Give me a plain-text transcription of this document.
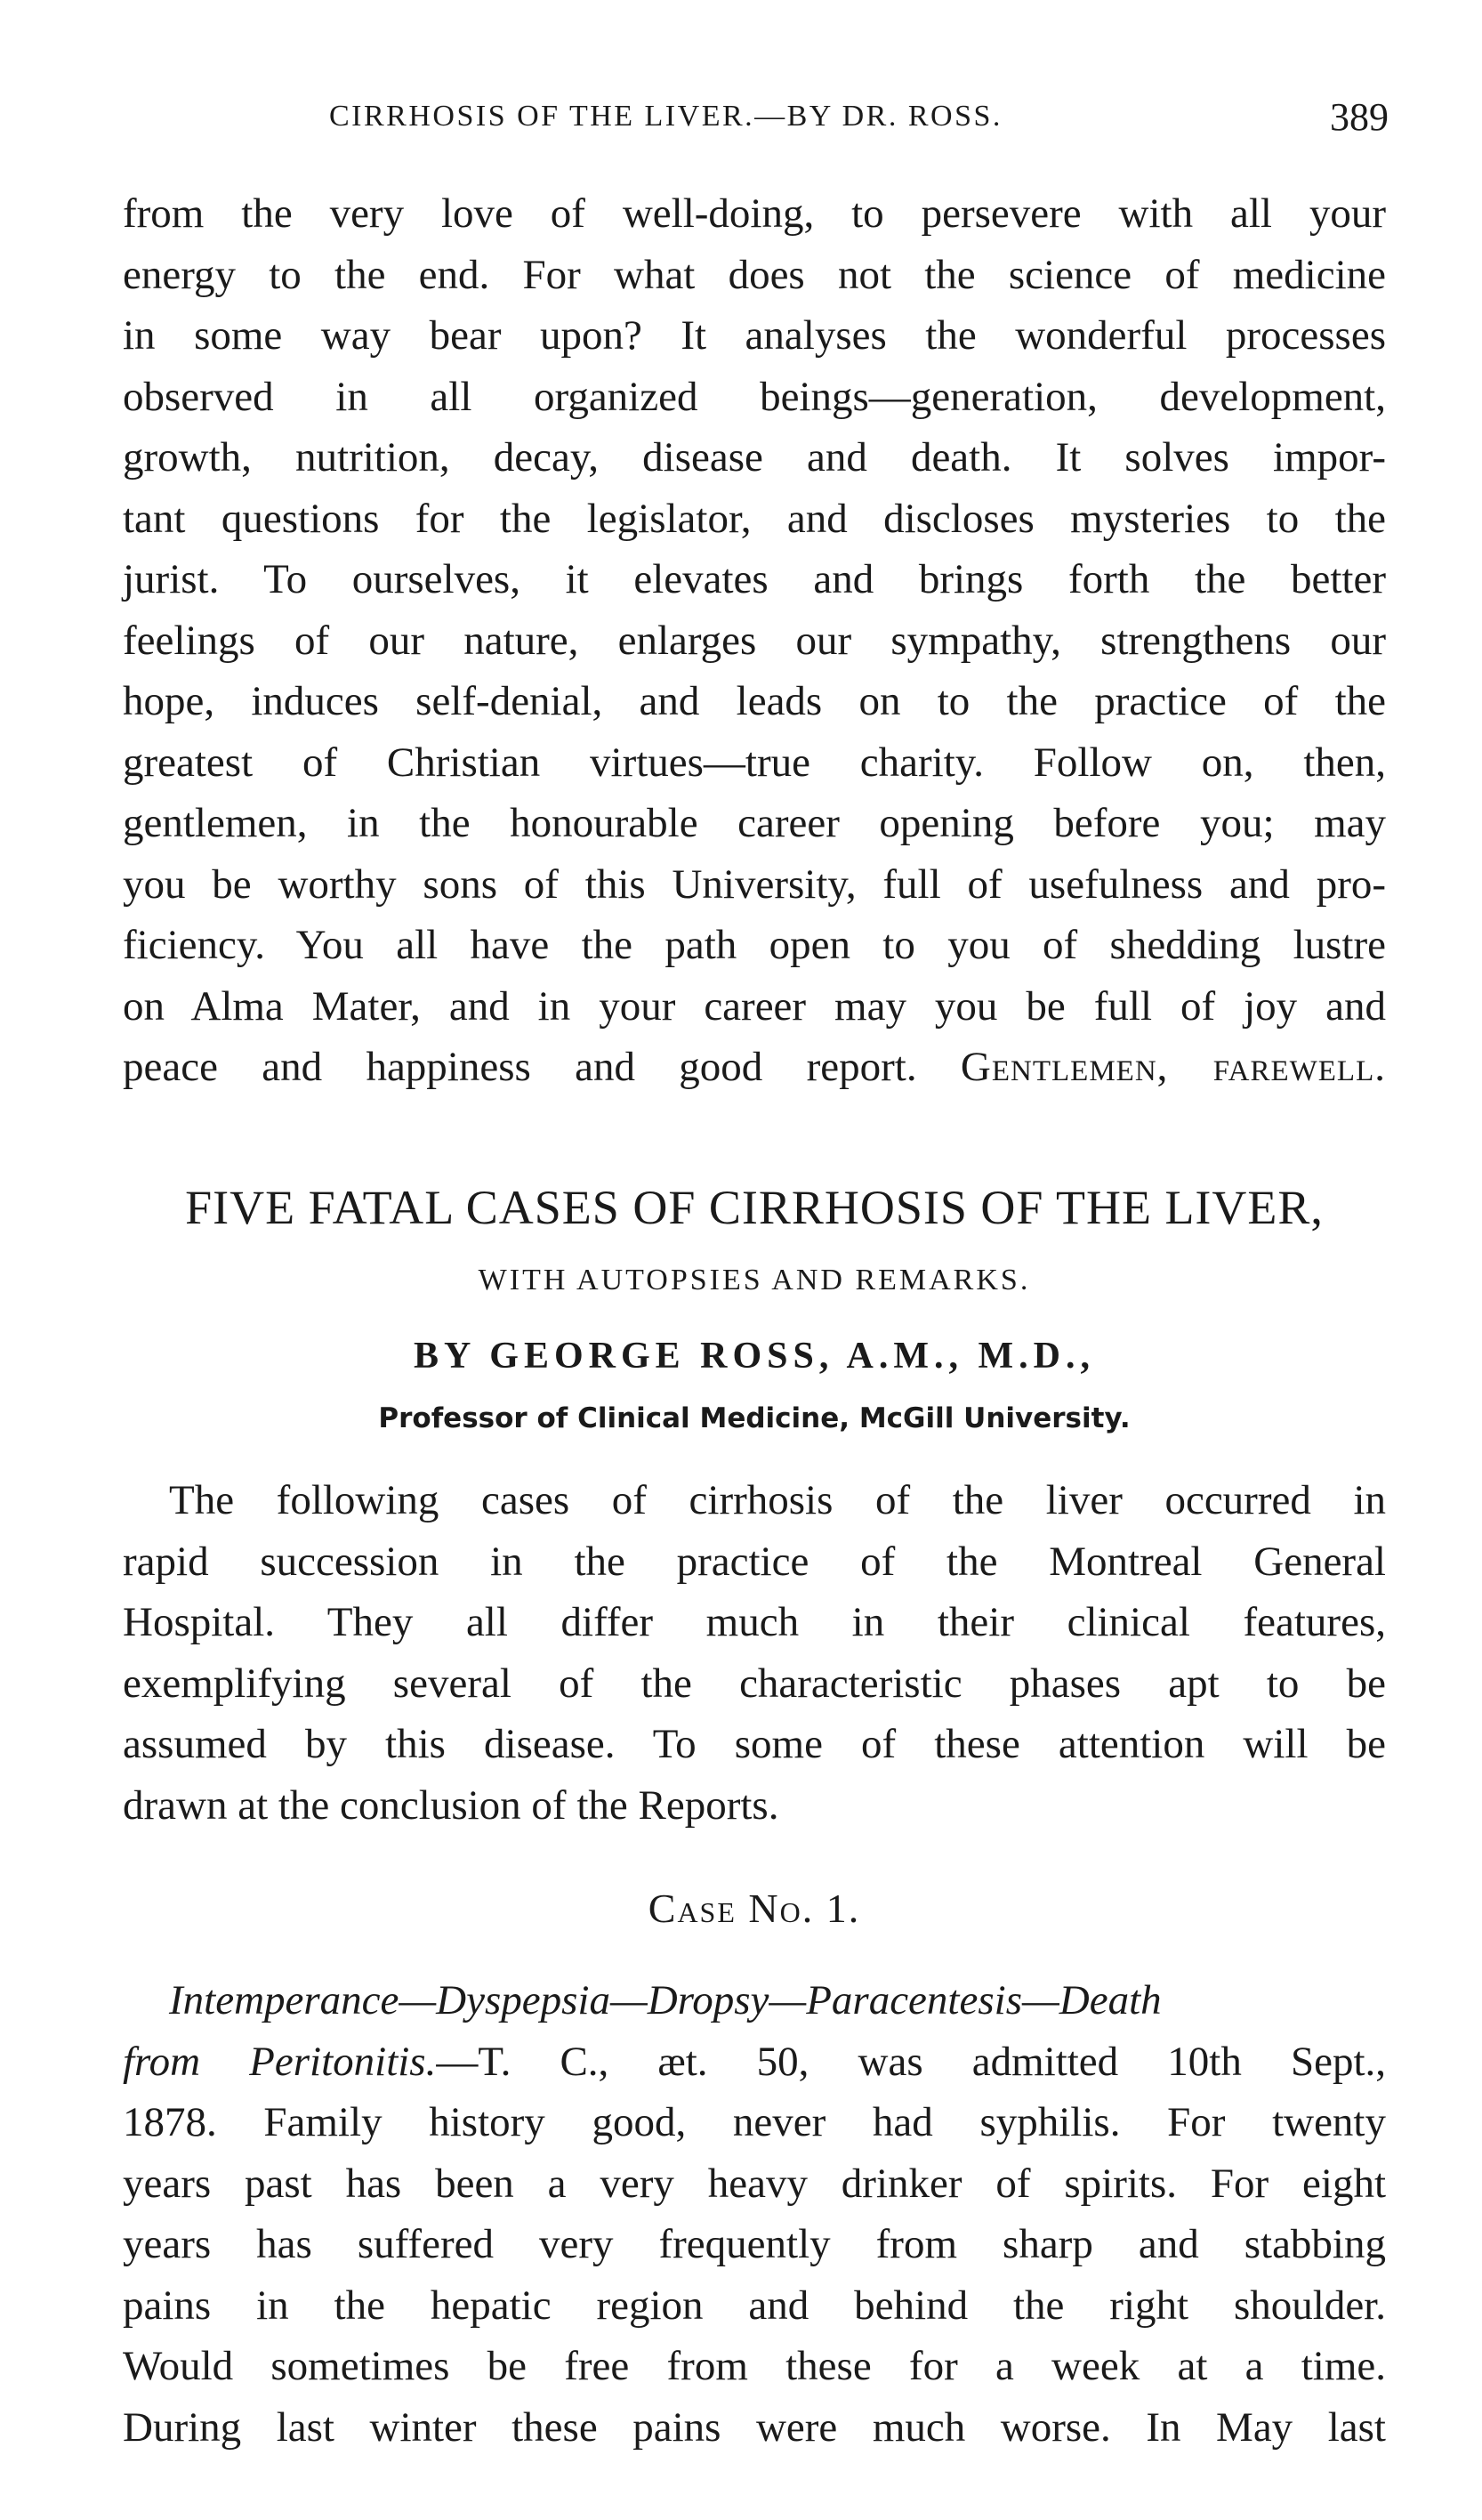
CIRRHOSIS OF THE LIVER.—BY DR. ROSS.	389
from the very love of well-doing, to persevere with all your
energy to the end. For what does not the science of medicine
in some way bear upon? It analyses the wonderful processes
observed in all organized beings—generation, development,
growth, nutrition, decay, disease and death. It solves impor-
tant questions for the legislator, and discloses mysteries to the
jurist. To ourselves, it elevates and brings forth the better
feelings of our nature, enlarges our sympathy, strengthens our
hope, induces self-denial, and leads on to the practice of the
greatest of Christian virtues—true charity. Follow on, then,
gentlemen, in the honourable career opening before you; may
you be worthy sons of this University, full of usefulness and pro-
ficiency. You all have the path open to you of shedding lustre
on Alma Mater, and in your career may you be full of joy and
peace and happiness and good report. Gentlemen, farewell.
FIVE FATAL CASES OF CIRRHOSIS OF THE LIVER,
WITH AUTOPSIES AND REMARKS.
BY GEORGE ROSS, A.M., M.D.,
Professor of Clinical Medicine, McGill University.
The following cases of cirrhosis of the liver occurred in
rapid succession in the practice of the Montreal General
Hospital. They all differ much in their clinical features,
exemplifying several of the characteristic phases apt to be
assumed by this disease. To some of these attention will be
drawn at the conclusion of the Reports.
Case No. 1.
Intemperance—Dyspepsia—Dropsy—Paracentesis—Death
from Peritonitis.—T. C., æt. 50, was admitted 10th Sept.,
1878. Family history good, never had syphilis. For twenty
years past has been a very heavy drinker of spirits. For eight
years has suffered very frequently from sharp and stabbing
pains in the hepatic region and behind the right shoulder.
Would sometimes be free from these for a week at a time.
During last winter these pains were much worse. In May last
